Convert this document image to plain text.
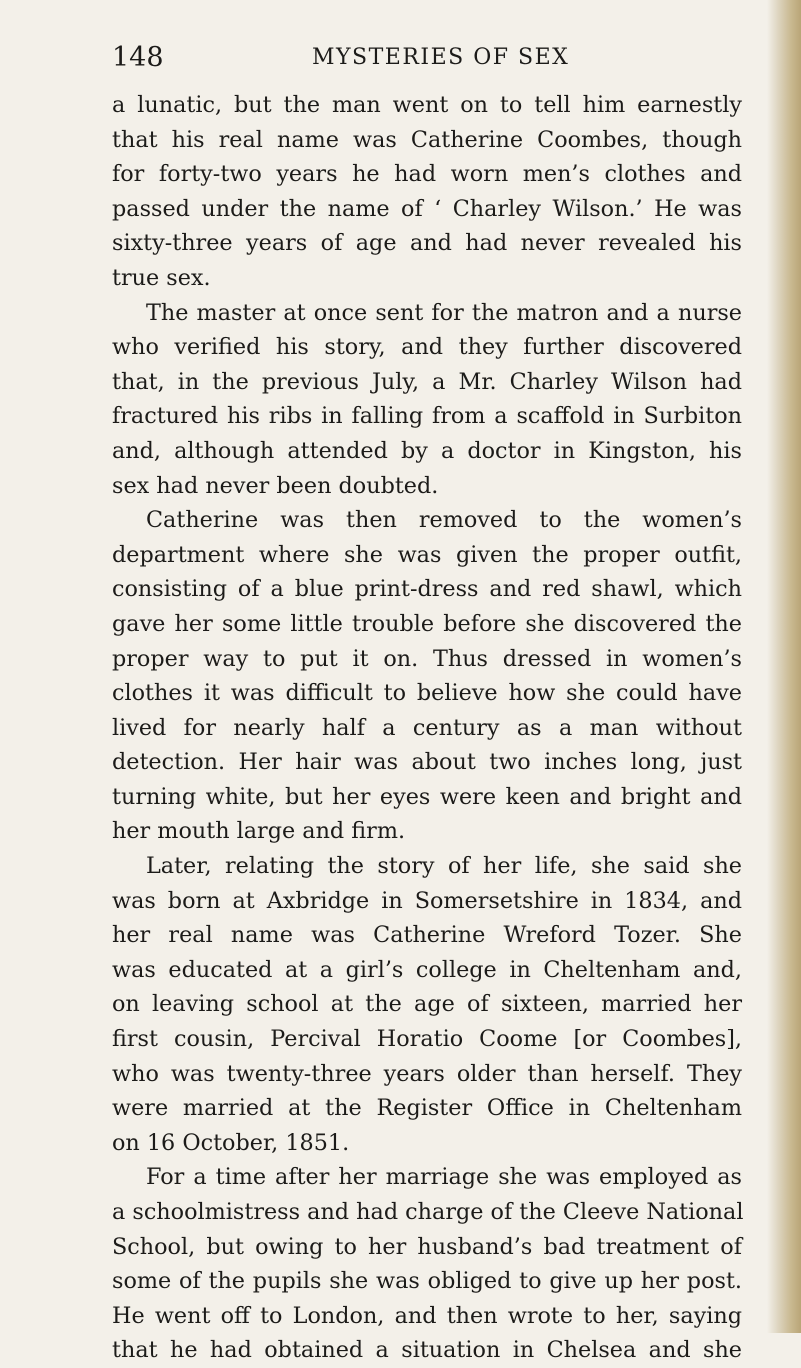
148	MYSTERIES OF SEX
a lunatic, but the man went on to tell him earnestly
that his real name was Catherine Coombes, though
for forty-two years he had worn men’s clothes and
passed under the name of ‘ Charley Wilson.’ He was
sixty-three years of age and had never revealed his
true sex.
The master at once sent for the matron and a nurse
who verified his story, and they further discovered
that, in the previous July, a Mr. Charley Wilson had
fractured his ribs in falling from a scaffold in Surbiton
and, although attended by a doctor in Kingston, his
sex had never been doubted.
Catherine was then removed to the women’s
department where she was given the proper outfit,
consisting of a blue print-dress and red shawl, which
gave her some little trouble before she discovered the
proper way to put it on. Thus dressed in women’s
clothes it was difficult to believe how she could have
lived for nearly half a century as a man without
detection. Her hair was about two inches long, just
turning white, but her eyes were keen and bright and
her mouth large and firm.
Later, relating the story of her life, she said she
was born at Axbridge in Somersetshire in 1834, and
her real name was Catherine Wreford Tozer. She
was educated at a girl’s college in Cheltenham and,
on leaving school at the age of sixteen, married her
first cousin, Percival Horatio Coome [or Coombes],
who was twenty-three years older than herself. They
were married at the Register Office in Cheltenham
on 16 October, 1851.
For a time after her marriage she was employed as
a schoolmistress and had charge of the Cleeve National
School, but owing to her husband’s bad treatment of
some of the pupils she was obliged to give up her post.
He went off to London, and then wrote to her, saying
that he had obtained a situation in Chelsea and she
